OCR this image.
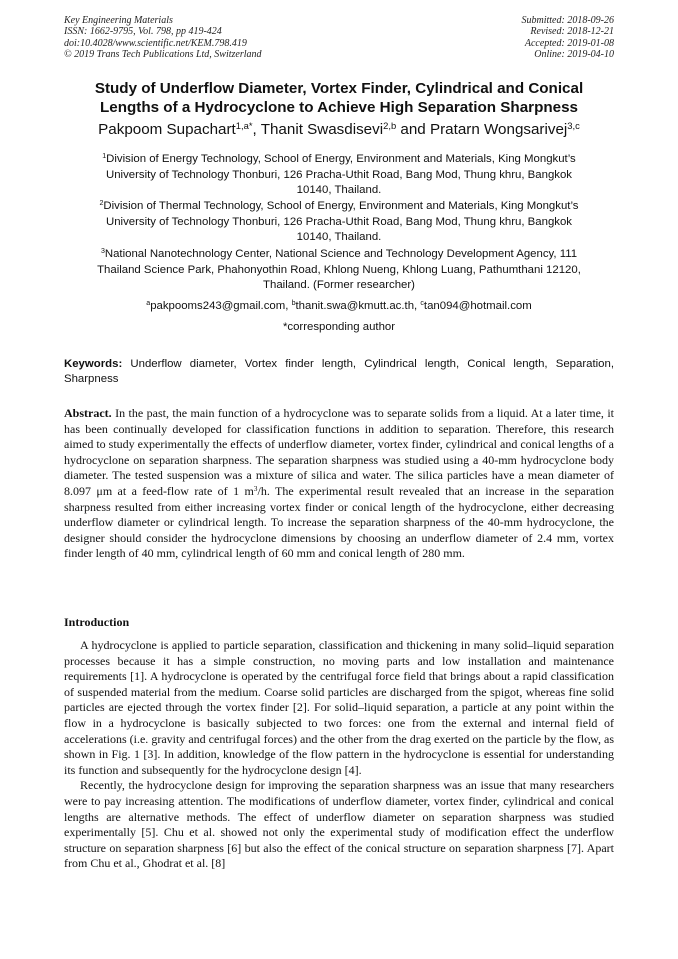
Key Engineering Materials
ISSN: 1662-9795, Vol. 798, pp 419-424
doi:10.4028/www.scientific.net/KEM.798.419
© 2019 Trans Tech Publications Ltd, Switzerland
Submitted: 2018-09-26
Revised: 2018-12-21
Accepted: 2019-01-08
Online: 2019-04-10
Study of Underflow Diameter, Vortex Finder, Cylindrical and Conical
Lengths of a Hydrocyclone to Achieve High Separation Sharpness
Pakpoom Supachart$^{1,a*}$, Thanit Swasdisevi$^{2,b}$ and Pratarn Wongsarivej$^{3,c}$
$^1$Division of Energy Technology, School of Energy, Environment and Materials, King Mongkut’s
University of Technology Thonburi, 126 Pracha-Uthit Road, Bang Mod, Thung khru, Bangkok
10140, Thailand.
$^2$Division of Thermal Technology, School of Energy, Environment and Materials, King Mongkut’s
University of Technology Thonburi, 126 Pracha-Uthit Road, Bang Mod, Thung khru, Bangkok
10140, Thailand.
$^3$National Nanotechnology Center, National Science and Technology Development Agency, 111
Thailand Science Park, Phahonyothin Road, Khlong Nueng, Khlong Luang, Pathumthani 12120,
Thailand. (Former researcher)
$^a$pakpooms243@gmail.com, $^b$thanit.swa@kmutt.ac.th, $^c$tan094@hotmail.com
*corresponding author
Keywords: Underflow diameter, Vortex finder length, Cylindrical length, Conical length, Separation, Sharpness
Abstract. In the past, the main function of a hydrocyclone was to separate solids from a liquid. At a later time, it has been continually developed for classification functions in addition to separation. Therefore, this research aimed to study experimentally the effects of underflow diameter, vortex finder, cylindrical and conical lengths of a hydrocyclone on separation sharpness. The separation sharpness was studied using a 40-mm hydrocyclone body diameter. The tested suspension was a mixture of silica and water. The silica particles have a mean diameter of 8.097 μm at a feed-flow rate of 1 $m^3/h$. The experimental result revealed that an increase in the separation sharpness resulted from either increasing vortex finder or conical length of the hydrocyclone, either decreasing underflow diameter or cylindrical length. To increase the separation sharpness of the 40-mm hydrocyclone, the designer should consider the hydrocyclone dimensions by choosing an underflow diameter of 2.4 mm, vortex finder length of 40 mm, cylindrical length of 60 mm and conical length of 280 mm.
Introduction

A hydrocyclone is applied to particle separation, classification and thickening in many solid–liquid separation processes because it has a simple construction, no moving parts and low installation and maintenance requirements [1]. A hydrocyclone is operated by the centrifugal force field that brings about a rapid classification of suspended material from the medium. Coarse solid particles are discharged from the spigot, whereas fine solid particles are ejected through the vortex finder [2]. For solid–liquid separation, a particle at any point within the flow in a hydrocyclone is basically subjected to two forces: one from the external and internal field of accelerations (i.e. gravity and centrifugal forces) and the other from the drag exerted on the particle by the flow, as shown in Fig. 1 [3]. In addition, knowledge of the flow pattern in the hydrocyclone is essential for understanding its function and subsequently for the hydrocyclone design [4].

Recently, the hydrocyclone design for improving the separation sharpness was an issue that many researchers were to pay increasing attention. The modifications of underflow diameter, vortex finder, cylindrical and conical lengths are alternative methods. The effect of underflow diameter on separation sharpness was studied experimentally [5]. Chu et al. showed not only the experimental study of modification effect the underflow structure on separation sharpness [6] but also the effect of the conical structure on separation sharpness [7]. Apart from Chu et al., Ghodrat et al. [8]
